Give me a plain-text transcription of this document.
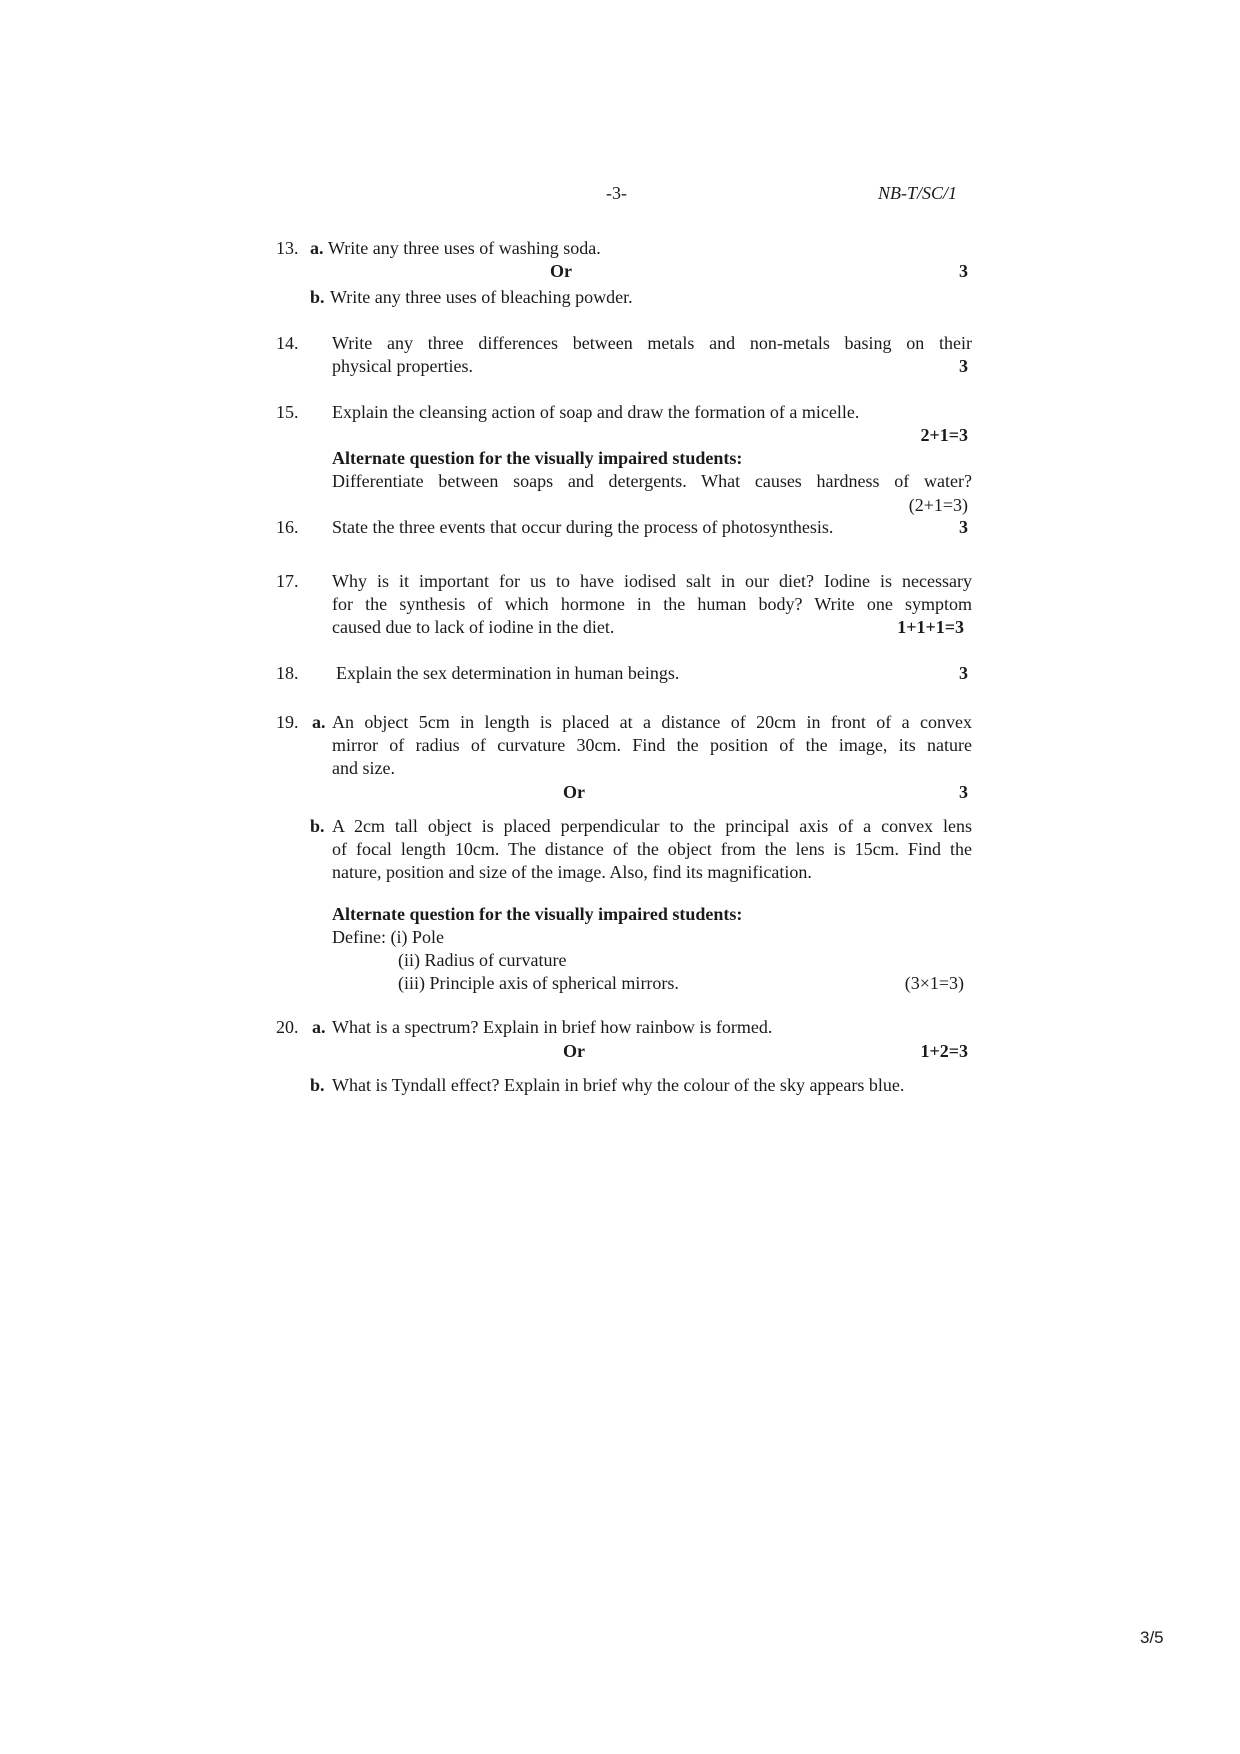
-3-	NB-T/SC/1
13. a. Write any three uses of washing soda.
Or	3
b. Write any three uses of bleaching powder.
14. Write any three differences between metals and non-metals basing on their
physical properties.	3
15. Explain the cleansing action of soap and draw the formation of a micelle.
2+1=3
Alternate question for the visually impaired students:
Differentiate between soaps and detergents. What causes hardness of water?
(2+1=3)
16. State the three events that occur during the process of photosynthesis.	3
17. Why is it important for us to have iodised salt in our diet? Iodine is necessary
for the synthesis of which hormone in the human body? Write one symptom
caused due to lack of iodine in the diet.	1+1+1=3
18. Explain the sex determination in human beings.	3
19. a. An object 5cm in length is placed at a distance of 20cm in front of a convex
mirror of radius of curvature 30cm. Find the position of the image, its nature
and size.
Or	3
b. A 2cm tall object is placed perpendicular to the principal axis of a convex lens
of focal length 10cm. The distance of the object from the lens is 15cm. Find the
nature, position and size of the image. Also, find its magnification.
Alternate question for the visually impaired students:
Define: (i) Pole
(ii) Radius of curvature
(iii) Principle axis of spherical mirrors.	(3×1=3)
20. a. What is a spectrum? Explain in brief how rainbow is formed.
Or	1+2=3
b. What is Tyndall effect? Explain in brief why the colour of the sky appears blue.
3/5
